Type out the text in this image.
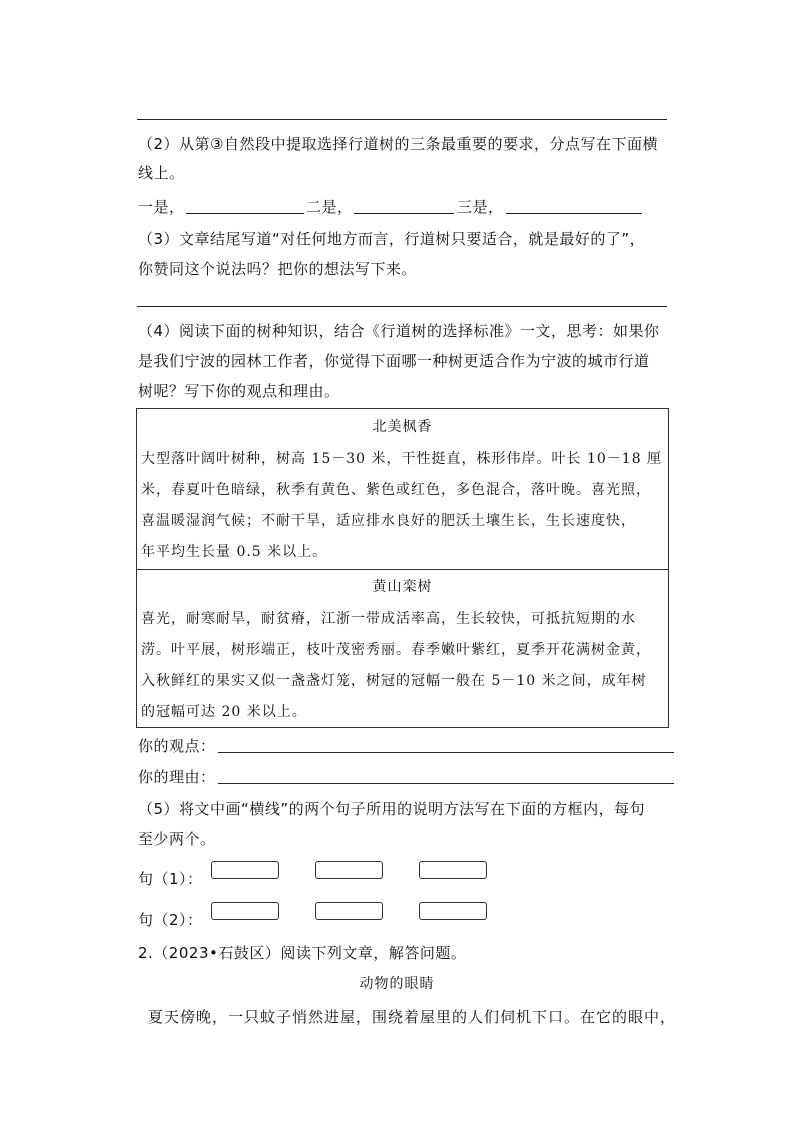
（2）从第③自然段中提取选择行道树的三条最重要的要求，分点写在下面横
线上。
一是，	二是，	三是，
（3）文章结尾写道“对任何地方而言，行道树只要适合，就是最好的了”，
你赞同这个说法吗？把你的想法写下来。
（4）阅读下面的树种知识，结合《行道树的选择标准》一文，思考：如果你
是我们宁波的园林工作者，你觉得下面哪一种树更适合作为宁波的城市行道
树呢？写下你的观点和理由。
北美枫香
大型落叶阔叶树种，树高 15－30 米，干性挺直，株形伟岸。叶长 10－18 厘
米，春夏叶色暗绿，秋季有黄色、紫色或红色，多色混合，落叶晚。喜光照，
喜温暖湿润气候；不耐干旱，适应排水良好的肥沃土壤生长，生长速度快，
年平均生长量 0.5 米以上。
黄山栾树
喜光，耐寒耐旱，耐贫瘠，江浙一带成活率高，生长较快，可抵抗短期的水
涝。叶平展，树形端正，枝叶茂密秀丽。春季嫩叶紫红，夏季开花满树金黄，
入秋鲜红的果实又似一盏盏灯笼，树冠的冠幅一般在 5－10 米之间，成年树
的冠幅可达 20 米以上。
你的观点：
你的理由：
（5）将文中画“横线”的两个句子所用的说明方法写在下面的方框内，每句
至少两个。
句（1）：
句（2）：
2.（2023•石鼓区）阅读下列文章，解答问题。
动物的眼睛
夏天傍晚，一只蚊子悄然进屋，围绕着屋里的人们伺机下口。在它的眼中，
